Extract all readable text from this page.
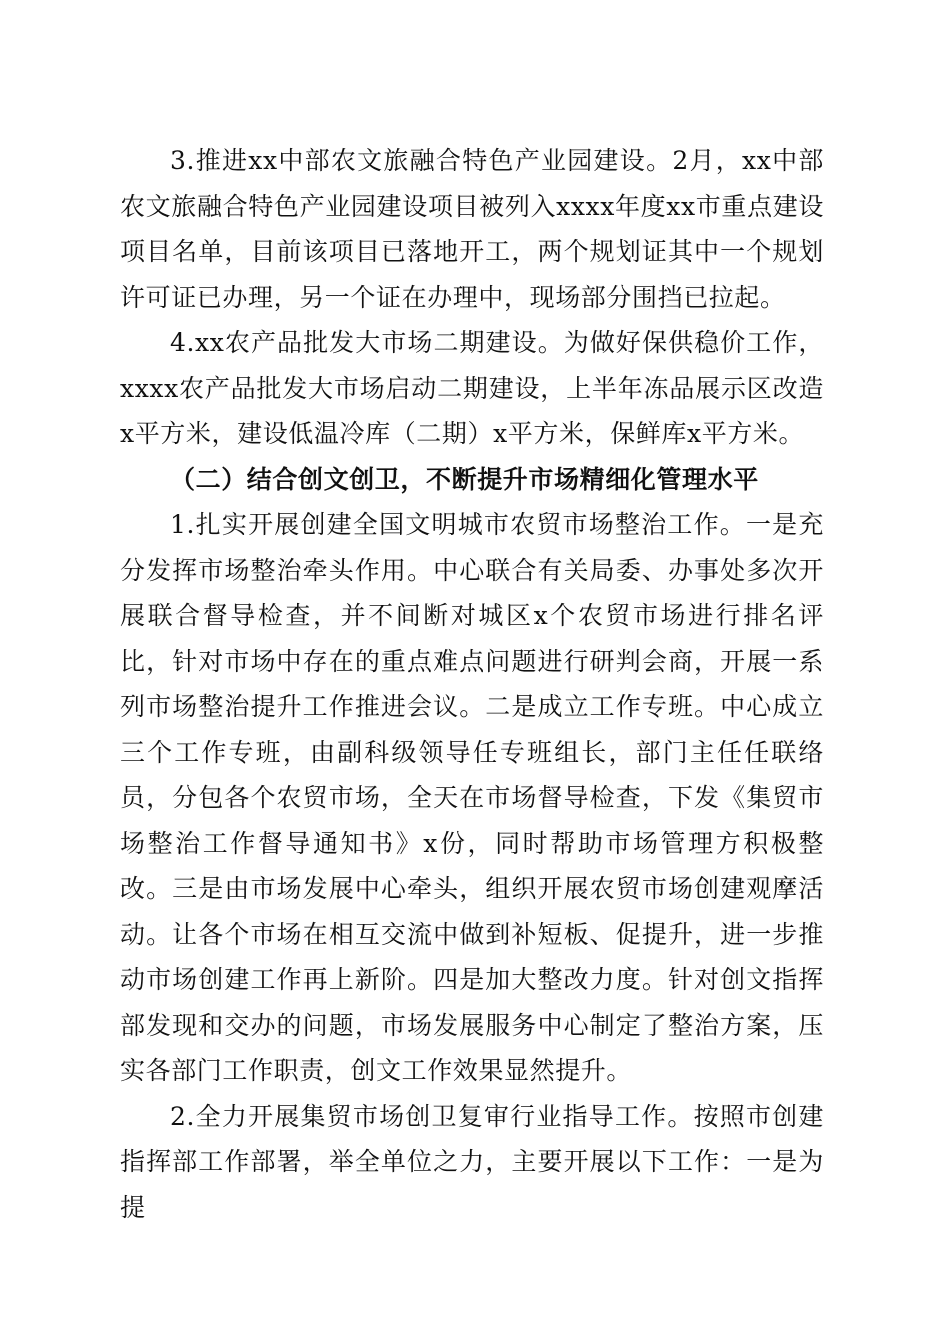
3.推进xx中部农文旅融合特色产业园建设。2月，xx中部农文旅融合特色产业园建设项目被列入xxxx年度xx市重点建设项目名单，目前该项目已落地开工，两个规划证其中一个规划许可证已办理，另一个证在办理中，现场部分围挡已拉起。

4.xx农产品批发大市场二期建设。为做好保供稳价工作，xxxx农产品批发大市场启动二期建设，上半年冻品展示区改造x平方米，建设低温冷库（二期）x平方米，保鲜库x平方米。

（二）结合创文创卫，不断提升市场精细化管理水平

1.扎实开展创建全国文明城市农贸市场整治工作。一是充分发挥市场整治牵头作用。中心联合有关局委、办事处多次开展联合督导检查，并不间断对城区x个农贸市场进行排名评比，针对市场中存在的重点难点问题进行研判会商，开展一系列市场整治提升工作推进会议。二是成立工作专班。中心成立三个工作专班，由副科级领导任专班组长，部门主任任联络员，分包各个农贸市场，全天在市场督导检查，下发《集贸市场整治工作督导通知书》x份，同时帮助市场管理方积极整改。三是由市场发展中心牵头，组织开展农贸市场创建观摩活动。让各个市场在相互交流中做到补短板、促提升，进一步推动市场创建工作再上新阶。四是加大整改力度。针对创文指挥部发现和交办的问题，市场发展服务中心制定了整治方案，压实各部门工作职责，创文工作效果显然提升。

2.全力开展集贸市场创卫复审行业指导工作。按照市创建指挥部工作部署，举全单位之力，主要开展以下工作：一是为提
